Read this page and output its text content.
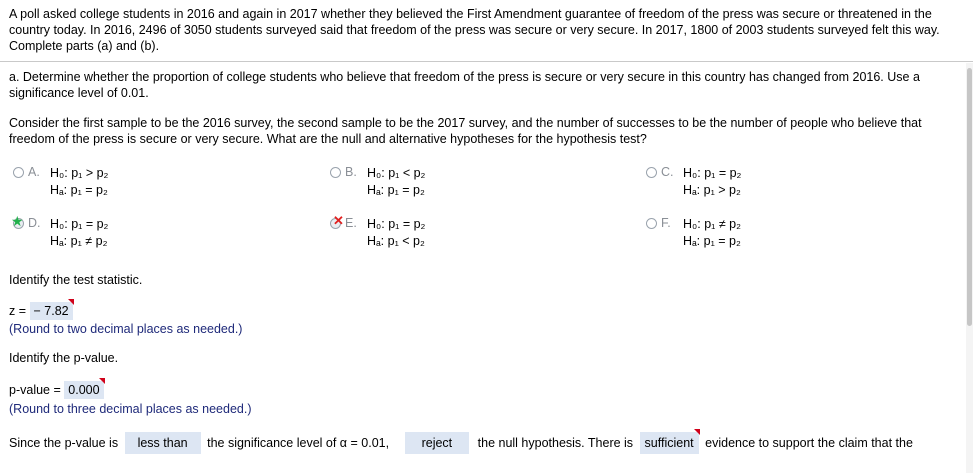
A poll asked college students in 2016 and again in 2017 whether they believed the First Amendment guarantee of freedom of the press was secure or threatened in the country today. In 2016, 2496 of 3050 students surveyed said that freedom of the press was secure or very secure. In 2017, 1800 of 2003 students surveyed felt this way. Complete parts (a) and (b).
a. Determine whether the proportion of college students who believe that freedom of the press is secure or very secure in this country has changed from 2016. Use a significance level of 0.01.
Consider the first sample to be the 2016 survey, the second sample to be the 2017 survey, and the number of successes to be the number of people who believe that freedom of the press is secure or very secure. What are the null and alternative hypotheses for the hypothesis test?
A. H₀: p₁ > p₂
Hₐ: p₁ = p₂
B. H₀: p₁ < p₂
Hₐ: p₁ = p₂
C. H₀: p₁ = p₂
Hₐ: p₁ > p₂
★ D. H₀: p₁ = p₂
Hₐ: p₁ ≠ p₂
✕ E. H₀: p₁ = p₂
Hₐ: p₁ < p₂
F. H₀: p₁ ≠ p₂
Hₐ: p₁ = p₂
Identify the test statistic.
z = − 7.82
(Round to two decimal places as needed.)
Identify the p-value.
p-value = 0.000
(Round to three decimal places as needed.)
Since the p-value is less than the significance level of α = 0.01,	reject the null hypothesis. There is sufficient evidence to support the claim that the
